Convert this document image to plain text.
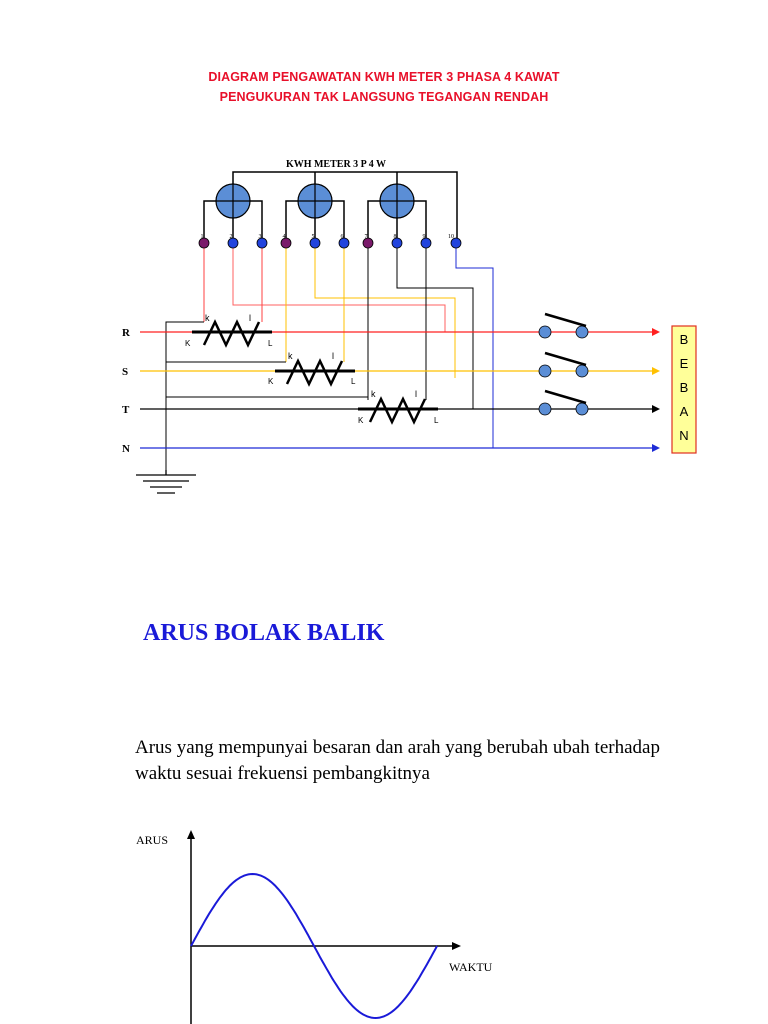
DIAGRAM PENGAWATAN KWH METER 3 PHASA 4 KAWAT
PENGUKURAN TAK LANGSUNG TEGANGAN RENDAH
KWH METER 3 P 4 W
1	2	3	4	5	6	7	8	9	10
R
S
T
N
k	l
K	L
k	l
K	L
k	l
K	L
B
E
B
A
N
ARUS BOLAK BALIK
Arus yang mempunyai besaran dan arah yang berubah ubah terhadap waktu sesuai frekuensi pembangkitnya
ARUS
WAKTU
